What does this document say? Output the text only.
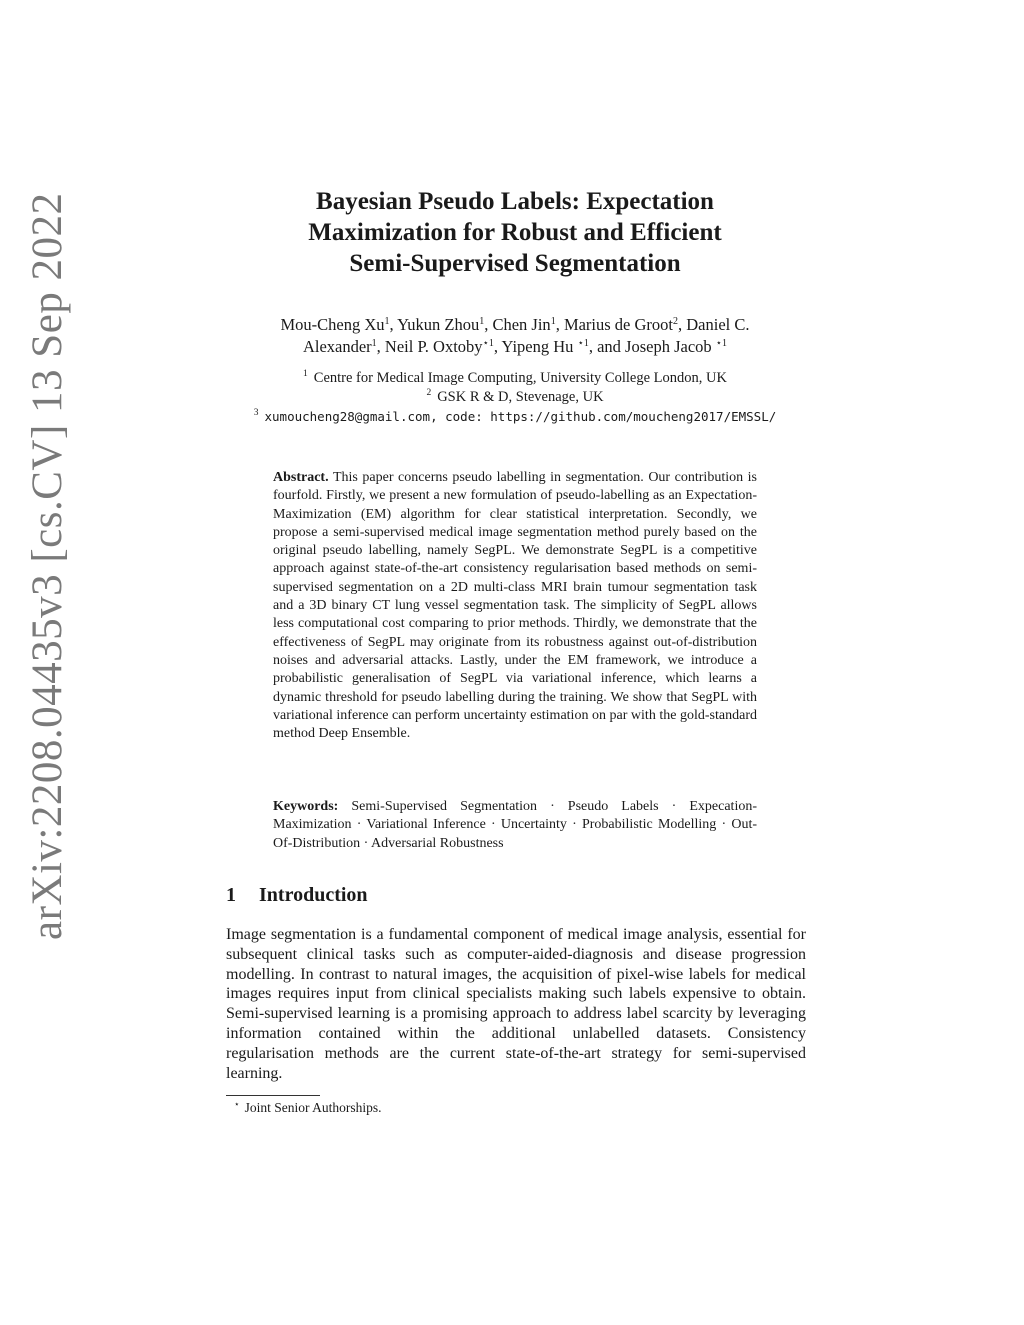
arXiv:2208.04435v3 [cs.CV] 13 Sep 2022	Bayesian Pseudo Labels: Expectation
Maximization for Robust and Efficient
Semi-Supervised Segmentation
Mou-Cheng Xu$^1$, Yukun Zhou$^1$, Chen Jin$^1$, Marius de Groot$^2$, Daniel C.
Alexander$^1$, Neil P. Oxtoby$^{⋆1}$, Yipeng Hu $^{⋆1}$, and Joseph Jacob $^{⋆1}$
$^1$ Centre for Medical Image Computing, University College London, UK
$^2$ GSK R & D, Stevenage, UK
$^3$ xumoucheng28@gmail.com, code: https://github.com/moucheng2017/EMSSL/

Abstract. This paper concerns pseudo labelling in segmentation. Our contribution is fourfold. Firstly, we present a new formulation of pseudo-labelling as an Expectation-Maximization (EM) algorithm for clear statistical interpretation. Secondly, we propose a semi-supervised medical image segmentation method purely based on the original pseudo labelling, namely SegPL. We demonstrate SegPL is a competitive approach against state-of-the-art consistency regularisation based methods on semi-supervised segmentation on a 2D multi-class MRI brain tumour segmentation task and a 3D binary CT lung vessel segmentation task. The simplicity of SegPL allows less computational cost comparing to prior methods. Thirdly, we demonstrate that the effectiveness of SegPL may originate from its robustness against out-of-distribution noises and adversarial attacks. Lastly, under the EM framework, we introduce a probabilistic generalisation of SegPL via variational inference, which learns a dynamic threshold for pseudo labelling during the training. We show that SegPL with variational inference can perform uncertainty estimation on par with the gold-standard method Deep Ensemble.

Keywords: Semi-Supervised Segmentation · Pseudo Labels · Expecation-Maximization · Variational Inference · Uncertainty · Probabilistic Modelling · Out-Of-Distribution · Adversarial Robustness

1 Introduction

Image segmentation is a fundamental component of medical image analysis, essential for subsequent clinical tasks such as computer-aided-diagnosis and disease progression modelling. In contrast to natural images, the acquisition of pixel-wise labels for medical images requires input from clinical specialists making such labels expensive to obtain. Semi-supervised learning is a promising approach to address label scarcity by leveraging information contained within the additional unlabelled datasets. Consistency regularisation methods are the current state-of-the-art strategy for semi-supervised learning.

⋆ Joint Senior Authorships.
